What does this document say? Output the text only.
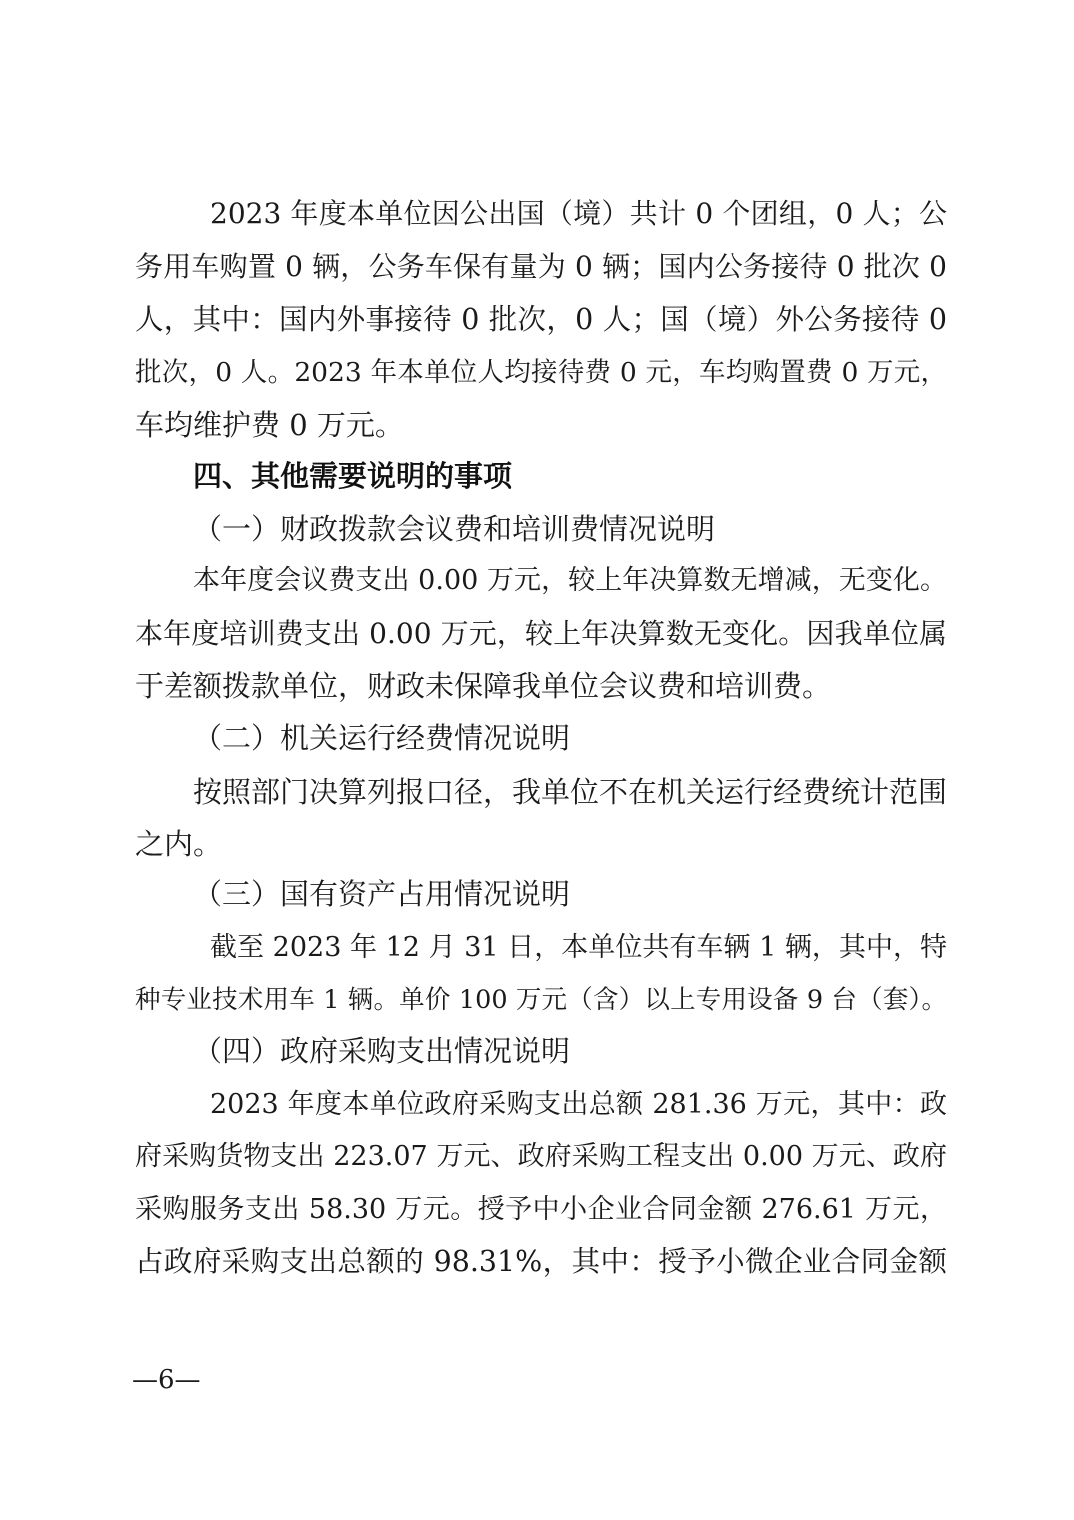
2023 年度本单位因公出国（境）共计 0 个团组，0 人；公
务用车购置 0 辆，公务车保有量为 0 辆；国内公务接待 0 批次 0
人，其中：国内外事接待 0 批次，0 人；国（境）外公务接待 0
批次，0 人。2023 年本单位人均接待费 0 元，车均购置费 0 万元，
车均维护费 0 万元。
四、其他需要说明的事项
（一）财政拨款会议费和培训费情况说明
本年度会议费支出 0.00 万元，较上年决算数无增减，无变化。
本年度培训费支出 0.00 万元，较上年决算数无变化。因我单位属
于差额拨款单位，财政未保障我单位会议费和培训费。
（二）机关运行经费情况说明
按照部门决算列报口径，我单位不在机关运行经费统计范围
之内。
（三）国有资产占用情况说明
截至 2023 年 12 月 31 日，本单位共有车辆 1 辆，其中，特
种专业技术用车 1 辆。单价 100 万元（含）以上专用设备 9 台（套）。
（四）政府采购支出情况说明
2023 年度本单位政府采购支出总额 281.36 万元，其中：政
府采购货物支出 223.07 万元、政府采购工程支出 0.00 万元、政府
采购服务支出 58.30 万元。授予中小企业合同金额 276.61 万元，
占政府采购支出总额的 98.31%，其中：授予小微企业合同金额
—6—
